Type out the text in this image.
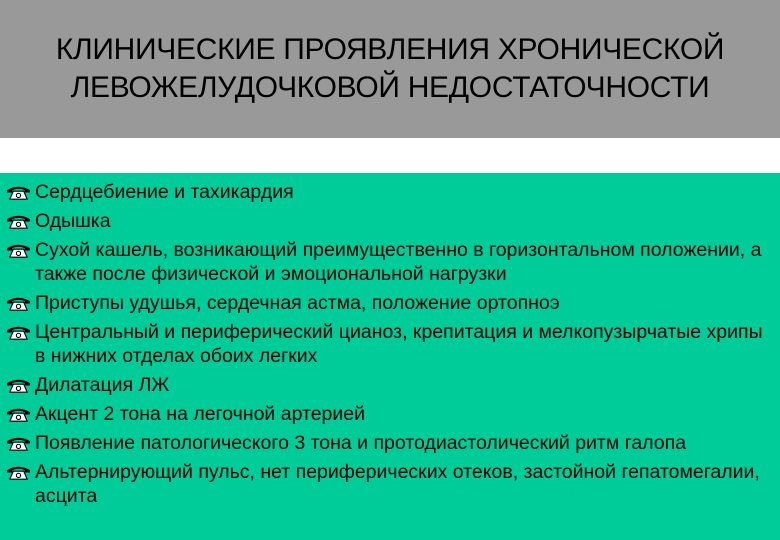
КЛИНИЧЕСКИЕ ПРОЯВЛЕНИЯ ХРОНИЧЕСКОЙ
ЛЕВОЖЕЛУДОЧКОВОЙ НЕДОСТАТОЧНОСТИ
Сердцебиение и тахикардия
Одышка
Сухой кашель, возникающий преимущественно в горизонтальном положении, а также после физической и эмоциональной нагрузки
Приступы удушья, сердечная астма, положение ортопноэ
Центральный и периферический цианоз, крепитация и мелкопузырчатые хрипы в нижних отделах обоих легких
Дилатация ЛЖ
Акцент 2 тона на легочной артерией
Появление патологического 3 тона и протодиастолический ритм галопа
Альтернирующий пульс, нет периферических отеков, застойной гепатомегалии, асцита
